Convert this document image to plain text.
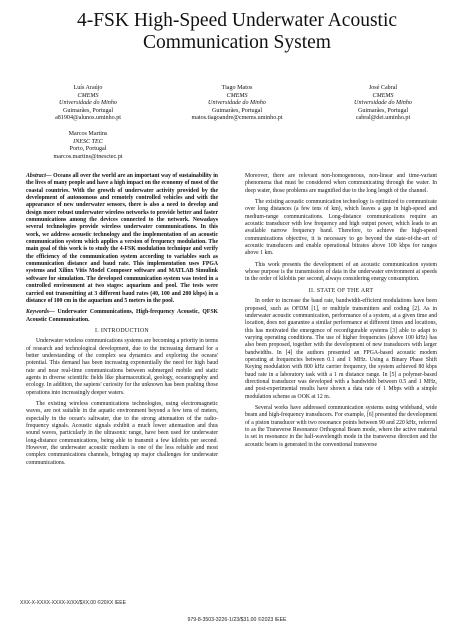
4-FSK High-Speed Underwater Acoustic Communication System
Luís Araújo
CMEMS
Universidade do Minho
Guimarães, Portugal
a81904@alunos.uminho.pt
Tiago Matos
CMEMS
Universidade do Minho
Guimarães, Portugal
matos.tiagoandre@cmems.uminho.pt
José Cabral
CMEMS
Universidade do Minho
Guimarães, Portugal
cabral@dei.uminho.pt
Marcos Martins
INESC TEC
Porto, Portugal
marcos.martins@inesctec.pt

Abstract— Oceans all over the world are an important way of sustainability in the lives of many people and have a high impact on the economy of most of the coastal countries. With the growth of underwater activity provided by the development of autonomous and remotely controlled vehicles and with the appearance of new underwater sensors, there is also a need to develop and design more robust underwater wireless networks to provide better and faster communications among the devices connected to the network. Nowadays several technologies provide wireless underwater communications. In this work, we address acoustic technology and the implementation of an acoustic communication system which applies a version of frequency modulation. The main goal of this work is to study the 4-FSK modulation technique and verify the efficiency of the communication system according to variables such as communication distance and baud rate. This implementation uses FPGA systems and Xilinx Vitis Model Composer software and MATLAB Simulink software for simulation. The developed communication system was tested in a controlled environment at two stages: aquarium and pool. The tests were carried out transmitting at 3 different baud rates (40, 100 and 200 kbps) in a distance of 100 cm in the aquarium and 5 meters in the pool.

Keywords— Underwater Communications, High-frequency Acoustic, QFSK Acoustic Communication.

I. INTRODUCTION

Underwater wireless communications systems are becoming a priority in terms of research and technological development, due to the increasing demand for a better understanding of the complex sea dynamics and exploring the oceans' potential. This demand has been increasing exponentially the need for high baud rate and near real-time communications between submerged mobile and static agents in diverse scientific fields like pharmaceutical, geology, oceanography and ecology. In addition, the sapiens' curiosity for the unknown has been pushing those operations into increasingly deeper waters.

The existing wireless communications technologies, using electromagnetic waves, are not suitable in the aquatic environment beyond a few tens of meters, especially in the ocean's saltwater, due to the strong attenuation of the radio-frequency signals. Acoustic signals exhibit a much lower attenuation and thus sound waves, particularly in the ultrasonic range, have been used for underwater long-distance communications, being able to transmit a few kilobits per second. However, the underwater acoustic medium is one of the less reliable and most complex communications channels, bringing up major challenges for underwater communications.

Moreover, there are relevant non-homogeneous, non-linear and time-variant phenomena that must be considered when communicating through the water. In deep water, those problems are magnified due to the long length of the channel.

The existing acoustic communication technology is optimized to communicate over long distances (a few tens of km), which leaves a gap in high-speed and medium-range communications. Long-distance communications require an acoustic transducer with low frequency and high output power, which leads to an available narrow frequency band. Therefore, to achieve the high-speed communications objective, it is necessary to go beyond the state-of-the-art of acoustic transducers and enable operational bitrates above 100 kbps for ranges above 1 km.

This work presents the development of an acoustic communication system whose purpose is the transmission of data in the underwater environment at speeds in the order of kilobits per second, always considering energy consumption.

II. STATE OF THE ART

In order to increase the baud rate, bandwidth-efficient modulations have been proposed, such as OFDM [1], or multiple transmitters and coding [2]. As in underwater acoustic communication, performance of a system, at a given time and location, does not guarantee a similar performance at different times and locations, this has motivated the emergence of reconfigurable systems [3] able to adapt to varying operating conditions. The use of higher frequencies (above 100 kHz) has also been proposed, together with the development of new transducers with larger bandwidths. In [4] the authors presented an FPGA-based acoustic modem operating at frequencies between 0.1 and 1 MHz. Using a Binary Phase Shift Keying modulation with 800 kHz carrier frequency, the system achieved 80 kbps baud rate in a laboratory task with a 1 m distance range. In [5] a polymer-based directional transducer was developed with a bandwidth between 0.5 and 1 MHz, and post-experimental results have shown a data rate of 1 Mbps with a simple modulation scheme as OOK at 12 m.

Several works have addressed communication systems using wideband, wide beam and high-frequency transducers. For example, [6] presented the development of a piston transducer with two resonance points between 90 and 220 kHz, referred to as the Transverse Resonance Orthogonal Beam mode, where the active material is set in resonance in the half-wavelength mode in the transverse direction and the acoustic beam is generated in the conventional transverse

XXX-X-XXXX-XXXX-X/XX/$XX.00 ©20XX IEEE
979-8-3503-3226-1/23/$31.00 ©2023 IEEE
